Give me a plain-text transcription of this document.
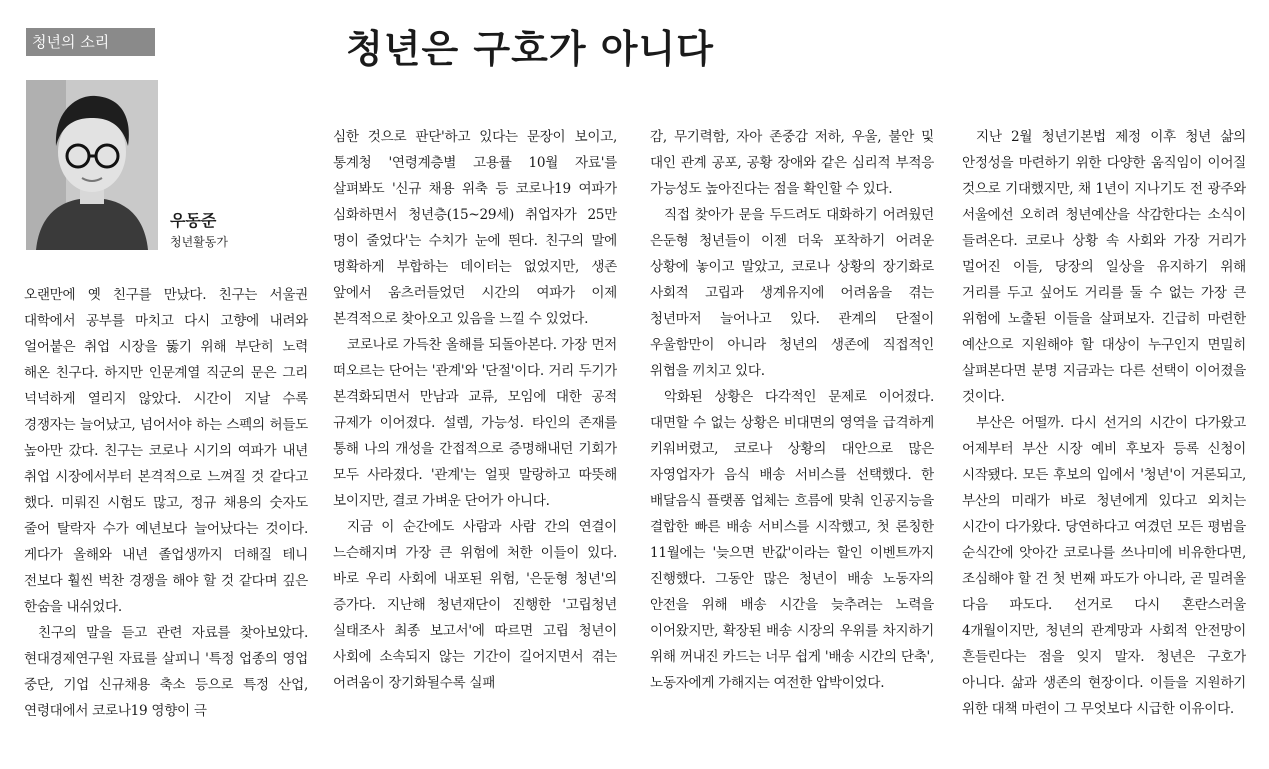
청년의 소리	청년은 구호가 아니다
우동준
청년활동가

오랜만에 옛 친구를 만났다. 친구는 서울권 대학에서 공부를 마치고 다시 고향에 내려와 얼어붙은 취업 시장을 뚫기 위해 부단히 노력 해온 친구다. 하지만 인문계열 직군의 문은 그리 넉넉하게 열리지 않았다. 시간이 지날 수록 경쟁자는 늘어났고, 넘어서야 하는 스펙의 허들도 높아만 갔다. 친구는 코로나 시기의 여파가 내년 취업 시장에서부터 본격적으로 느껴질 것 같다고 했다. 미뤄진 시험도 많고, 정규 채용의 숫자도 줄어 탈락자 수가 예년보다 늘어났다는 것이다. 게다가 올해와 내년 졸업생까지 더해질 테니 전보다 훨씬 벅찬 경쟁을 해야 할 것 같다며 깊은 한숨을 내쉬었다.

친구의 말을 듣고 관련 자료를 찾아보았다. 현대경제연구원 자료를 살피니 '특정 업종의 영업 중단, 기업 신규채용 축소 등으로 특정 산업, 연령대에서 코로나19 영향이 극

심한 것으로 판단'하고 있다는 문장이 보이고, 통계청 '연령계층별 고용률 10월 자료'를 살펴봐도 '신규 채용 위축 등 코로나19 여파가 심화하면서 청년층(15~29세) 취업자가 25만 명이 줄었다'는 수치가 눈에 띈다. 친구의 말에 명확하게 부합하는 데이터는 없었지만, 생존 앞에서 움츠러들었던 시간의 여파가 이제 본격적으로 찾아오고 있음을 느낄 수 있었다.

코로나로 가득찬 올해를 되돌아본다. 가장 먼저 떠오르는 단어는 '관계'와 '단절'이다. 거리 두기가 본격화되면서 만남과 교류, 모임에 대한 공적 규제가 이어졌다. 설렘, 가능성. 타인의 존재를 통해 나의 개성을 간접적으로 증명해내던 기회가 모두 사라졌다. '관계'는 얼핏 말랑하고 따뜻해 보이지만, 결코 가벼운 단어가 아니다.

지금 이 순간에도 사람과 사람 간의 연결이 느슨해지며 가장 큰 위험에 처한 이들이 있다. 바로 우리 사회에 내포된 위험, '은둔형 청년'의 증가다. 지난해 청년재단이 진행한 '고립청년 실태조사 최종 보고서'에 따르면 고립 청년이 사회에 소속되지 않는 기간이 길어지면서 겪는 어려움이 장기화될수록 실패

감, 무기력함, 자아 존중감 저하, 우울, 불안 및 대인 관계 공포, 공황 장애와 같은 심리적 부적응 가능성도 높아진다는 점을 확인할 수 있다.

직접 찾아가 문을 두드려도 대화하기 어려웠던 은둔형 청년들이 이젠 더욱 포착하기 어려운 상황에 놓이고 말았고, 코로나 상황의 장기화로 사회적 고립과 생계유지에 어려움을 겪는 청년마저 늘어나고 있다. 관계의 단절이 우울함만이 아니라 청년의 생존에 직접적인 위협을 끼치고 있다.

악화된 상황은 다각적인 문제로 이어졌다. 대면할 수 없는 상황은 비대면의 영역을 급격하게 키워버렸고, 코로나 상황의 대안으로 많은 자영업자가 음식 배송 서비스를 선택했다. 한 배달음식 플랫폼 업체는 흐름에 맞춰 인공지능을 결합한 빠른 배송 서비스를 시작했고, 첫 론칭한 11월에는 '늦으면 반값'이라는 할인 이벤트까지 진행했다. 그동안 많은 청년이 배송 노동자의 안전을 위해 배송 시간을 늦추려는 노력을 이어왔지만, 확장된 배송 시장의 우위를 차지하기 위해 꺼내진 카드는 너무 쉽게 '배송 시간의 단축', 노동자에게 가해지는 여전한 압박이었다.

지난 2월 청년기본법 제정 이후 청년 삶의 안정성을 마련하기 위한 다양한 움직임이 이어질 것으로 기대했지만, 채 1년이 지나기도 전 광주와 서울에선 오히려 청년예산을 삭감한다는 소식이 들려온다. 코로나 상황 속 사회와 가장 거리가 멀어진 이들, 당장의 일상을 유지하기 위해 거리를 두고 싶어도 거리를 둘 수 없는 가장 큰 위험에 노출된 이들을 살펴보자. 긴급히 마련한 예산으로 지원해야 할 대상이 누구인지 면밀히 살펴본다면 분명 지금과는 다른 선택이 이어졌을 것이다.

부산은 어떨까. 다시 선거의 시간이 다가왔고 어제부터 부산 시장 예비 후보자 등록 신청이 시작됐다. 모든 후보의 입에서 '청년'이 거론되고, 부산의 미래가 바로 청년에게 있다고 외치는 시간이 다가왔다. 당연하다고 여겼던 모든 평범을 순식간에 앗아간 코로나를 쓰나미에 비유한다면, 조심해야 할 건 첫 번째 파도가 아니라, 곧 밀려올 다음 파도다. 선거로 다시 혼란스러울 4개월이지만, 청년의 관계망과 사회적 안전망이 흔들린다는 점을 잊지 말자. 청년은 구호가 아니다. 삶과 생존의 현장이다. 이들을 지원하기 위한 대책 마련이 그 무엇보다 시급한 이유이다.
